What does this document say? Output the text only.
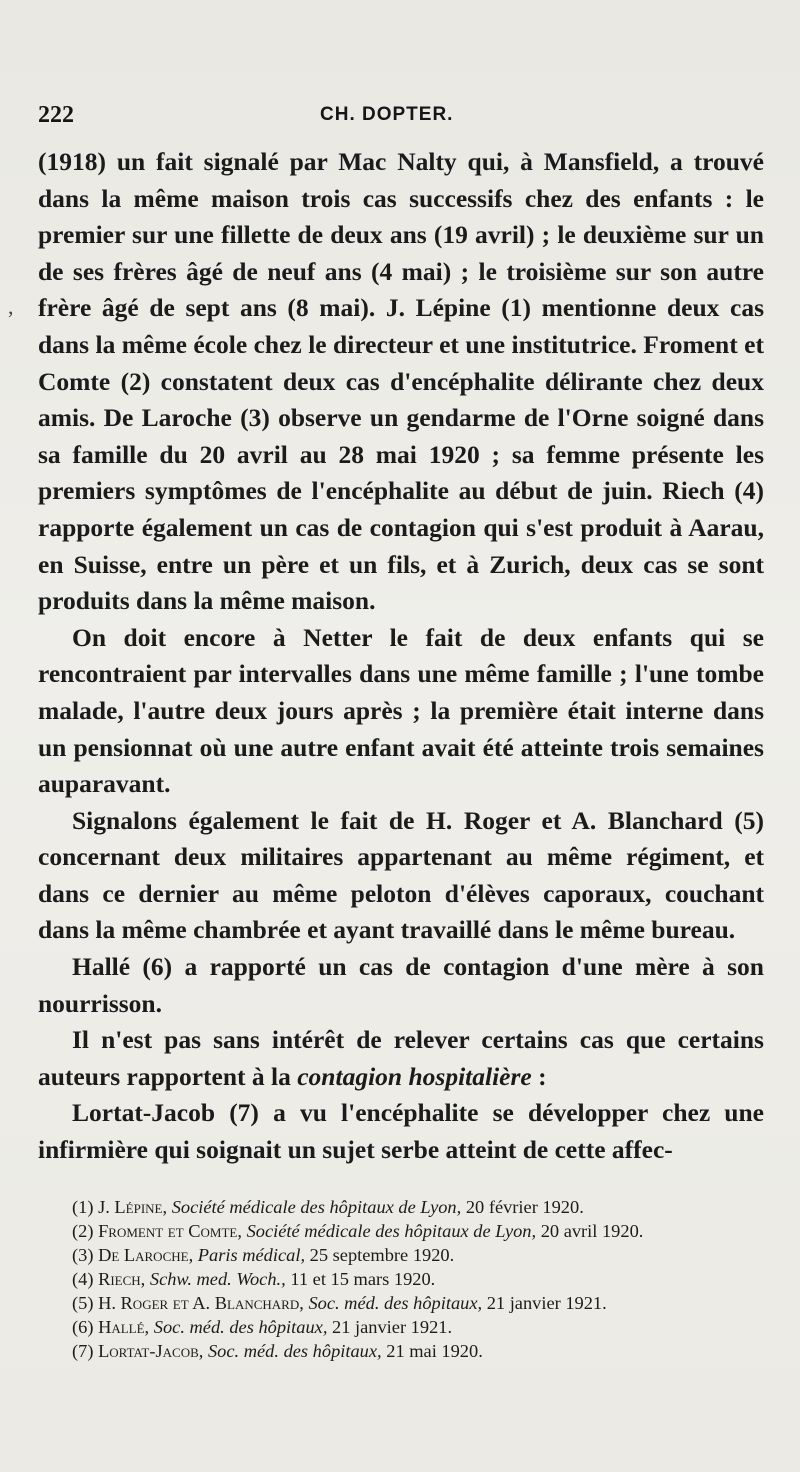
,
222	CH. DOPTER.

(1918) un fait signalé par Mac Nalty qui, à Mansfield, a trouvé dans la même maison trois cas successifs chez des enfants : le premier sur une fillette de deux ans (19 avril) ; le deuxième sur un de ses frères âgé de neuf ans (4 mai) ; le troisième sur son autre frère âgé de sept ans (8 mai). J. Lépine (1) mentionne deux cas dans la même école chez le directeur et une institutrice. Froment et Comte (2) constatent deux cas d'encéphalite délirante chez deux amis. De Laroche (3) observe un gendarme de l'Orne soigné dans sa famille du 20 avril au 28 mai 1920 ; sa femme présente les premiers symptômes de l'encéphalite au début de juin. Riech (4) rapporte également un cas de contagion qui s'est produit à Aarau, en Suisse, entre un père et un fils, et à Zurich, deux cas se sont produits dans la même maison.

On doit encore à Netter le fait de deux enfants qui se rencontraient par intervalles dans une même famille ; l'une tombe malade, l'autre deux jours après ; la première était interne dans un pensionnat où une autre enfant avait été atteinte trois semaines auparavant.

Signalons également le fait de H. Roger et A. Blanchard (5) concernant deux militaires appartenant au même régiment, et dans ce dernier au même peloton d'élèves caporaux, couchant dans la même chambrée et ayant travaillé dans le même bureau.

Hallé (6) a rapporté un cas de contagion d'une mère à son nourrisson.

Il n'est pas sans intérêt de relever certains cas que certains auteurs rapportent à la contagion hospitalière :

Lortat-Jacob (7) a vu l'encéphalite se développer chez une infirmière qui soignait un sujet serbe atteint de cette affec-

(1) J. Lépine, Société médicale des hôpitaux de Lyon, 20 février 1920.
(2) Froment et Comte, Société médicale des hôpitaux de Lyon, 20 avril 1920.
(3) De Laroche, Paris médical, 25 septembre 1920.
(4) Riech, Schw. med. Woch., 11 et 15 mars 1920.
(5) H. Roger et A. Blanchard, Soc. méd. des hôpitaux, 21 janvier 1921.
(6) Hallé, Soc. méd. des hôpitaux, 21 janvier 1921.
(7) Lortat-Jacob, Soc. méd. des hôpitaux, 21 mai 1920.
